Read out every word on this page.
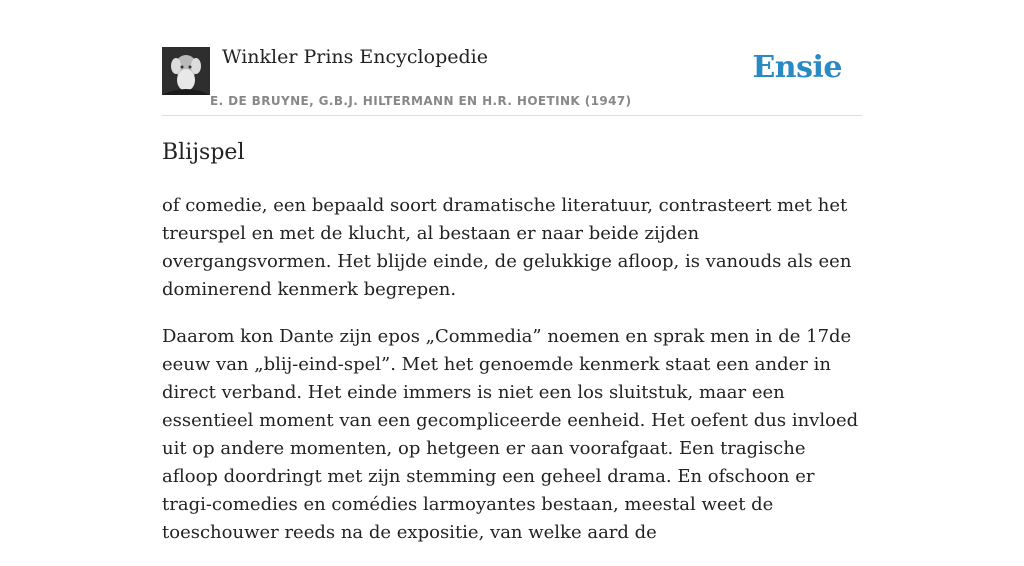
Winkler Prins Encyclopedie
E. DE BRUYNE, G.B.J. HILTERMANN EN H.R. HOETINK (1947)
Ensie
Blijspel

of comedie, een bepaald soort dramatische literatuur, contrasteert met het treurspel en met de klucht, al bestaan er naar beide zijden overgangsvormen. Het blijde einde, de gelukkige afloop, is vanouds als een dominerend kenmerk begrepen.

Daarom kon Dante zijn epos „Commedia” noemen en sprak men in de 17de eeuw van „blij-eind-spel”. Met het genoemde kenmerk staat een ander in direct verband. Het einde immers is niet een los sluitstuk, maar een essentieel moment van een gecompliceerde eenheid. Het oefent dus invloed uit op andere momenten, op hetgeen er aan voorafgaat. Een tragische afloop doordringt met zijn stemming een geheel drama. En ofschoon er tragi-comedies en comédies larmoyantes bestaan, meestal weet de toeschouwer reeds na de expositie, van welke aard de
